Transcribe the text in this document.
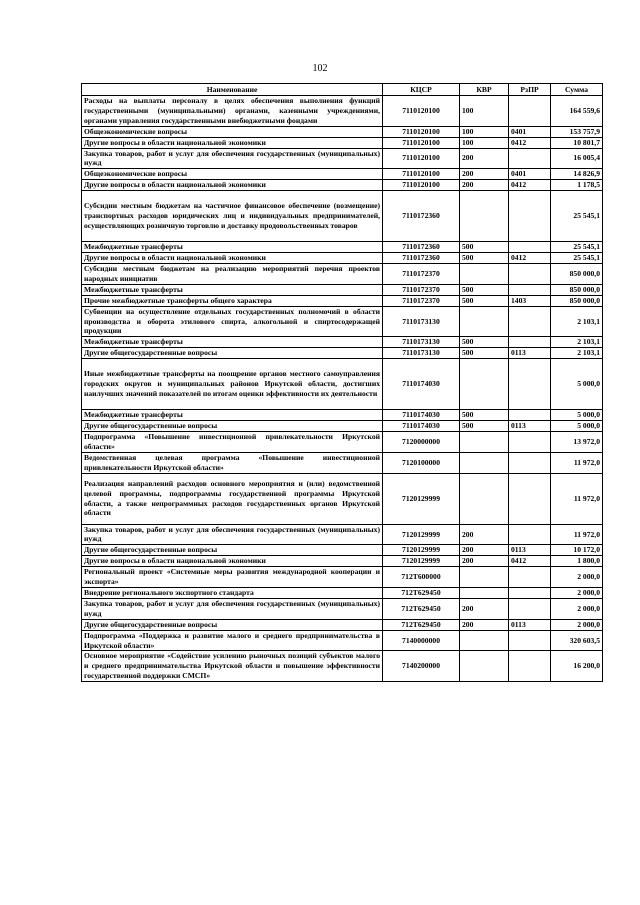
102
Наименование	КЦСР	КВР	РзПР	Сумма
Расходы на выплаты персоналу в целях обеспечения выполнения функций государственными (муниципальными) органами, казенными учреждениями, органами управления государственными внебюджетными фондами	7110120100	100		164 559,6
Общеэкономические вопросы	7110120100	100	0401	153 757,9
Другие вопросы в области национальной экономики	7110120100	100	0412	10 801,7
Закупка товаров, работ и услуг для обеспечения государственных (муниципальных) нужд	7110120100	200		16 005,4
Общеэкономические вопросы	7110120100	200	0401	14 826,9
Другие вопросы в области национальной экономики	7110120100	200	0412	1 178,5
Субсидии местным бюджетам на частичное финансовое обеспечение (возмещение) транспортных расходов юридических лиц и индивидуальных предпринимателей, осуществляющих розничную торговлю и доставку продовольственных товаров	7110172360			25 545,1
Межбюджетные трансферты	7110172360	500		25 545,1
Другие вопросы в области национальной экономики	7110172360	500	0412	25 545,1
Субсидии местным бюджетам на реализацию мероприятий перечня проектов народных инициатив	7110172370			850 000,0
Межбюджетные трансферты	7110172370	500		850 000,0
Прочие межбюджетные трансферты общего характера	7110172370	500	1403	850 000,0
Субвенции на осуществление отдельных государственных полномочий в области производства и оборота этилового спирта, алкогольной и спиртосодержащей продукции	7110173130			2 103,1
Межбюджетные трансферты	7110173130	500		2 103,1
Другие общегосударственные вопросы	7110173130	500	0113	2 103,1
Иные межбюджетные трансферты на поощрение органов местного самоуправления городских округов и муниципальных районов Иркутской области, достигших наилучших значений показателей по итогам оценки эффективности их деятельности	7110174030			5 000,0
Межбюджетные трансферты	7110174030	500		5 000,0
Другие общегосударственные вопросы	7110174030	500	0113	5 000,0
Подпрограмма «Повышение инвестиционной привлекательности Иркутской области»	7120000000			13 972,0
Ведомственная целевая программа «Повышение инвестиционной привлекательности Иркутской области»	7120100000			11 972,0
Реализация направлений расходов основного мероприятия и (или) ведомственной целевой программы, подпрограммы государственной программы Иркутской области, а также непрограммных расходов государственных органов Иркутской области	7120129999			11 972,0
Закупка товаров, работ и услуг для обеспечения государственных (муниципальных) нужд	7120129999	200		11 972,0
Другие общегосударственные вопросы	7120129999	200	0113	10 172,0
Другие вопросы в области национальной экономики	7120129999	200	0412	1 800,0
Региональный проект «Системные меры развития международной кооперации и экспорта»	712T600000			2 000,0
Внедрение регионального экспортного стандарта	712T629450			2 000,0
Закупка товаров, работ и услуг для обеспечения государственных (муниципальных) нужд	712T629450	200		2 000,0
Другие общегосударственные вопросы	712T629450	200	0113	2 000,0
Подпрограмма «Поддержка и развитие малого и среднего предпринимательства в Иркутской области»	7140000000			320 603,5
Основное мероприятие «Содействие усилению рыночных позиций субъектов малого и среднего предпринимательства Иркутской области и повышение эффективности государственной поддержки СМСП»	7140200000			16 200,0
